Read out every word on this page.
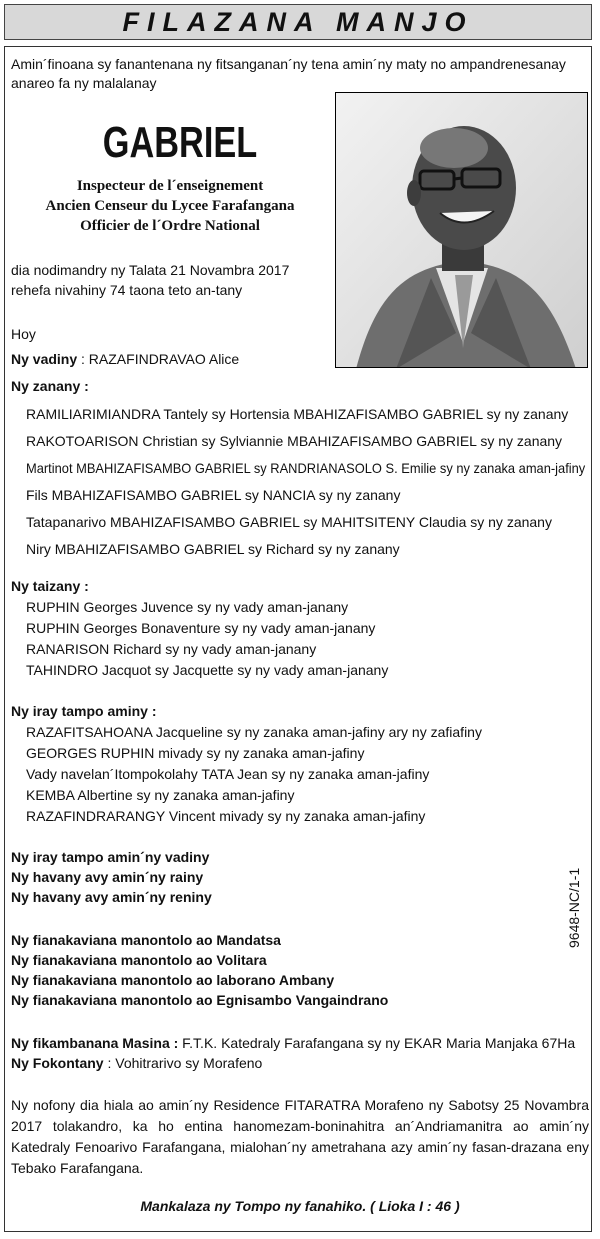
FILAZANA MANJO
Amin´finoana sy fanantenana ny fitsanganan´ny tena amin´ny maty no ampandrenesanay
anareo fa ny malalanay
GABRIEL
Inspecteur de l´enseignement
Ancien Censeur du Lycee Farafangana
Officier de l´Ordre National
dia nodimandry ny Talata 21 Novambra 2017
rehefa nivahiny 74 taona teto an-tany
Hoy
Ny vadiny : RAZAFINDRAVAO Alice
Ny zanany :
RAMILIARIMIANDRA Tantely sy Hortensia MBAHIZAFISAMBO GABRIEL sy ny zanany
RAKOTOARISON Christian sy Sylviannie MBAHIZAFISAMBO GABRIEL sy ny zanany
Martinot MBAHIZAFISAMBO GABRIEL sy RANDRIANASOLO S. Emilie sy ny zanaka aman-jafiny
Fils MBAHIZAFISAMBO GABRIEL sy NANCIA sy ny zanany
Tatapanarivo MBAHIZAFISAMBO GABRIEL sy MAHITSITENY Claudia sy ny zanany
Niry MBAHIZAFISAMBO GABRIEL sy Richard sy ny zanany
Ny taizany :
RUPHIN Georges Juvence sy ny vady aman-janany
RUPHIN Georges Bonaventure sy ny vady aman-janany
RANARISON Richard sy ny vady aman-janany
TAHINDRO Jacquot sy Jacquette sy ny vady aman-janany
Ny iray tampo aminy :
RAZAFITSAHOANA Jacqueline sy ny zanaka aman-jafiny ary ny zafiafiny
GEORGES RUPHIN mivady sy ny zanaka aman-jafiny
Vady navelan´Itompokolahy TATA Jean sy ny zanaka aman-jafiny
KEMBA Albertine sy ny zanaka aman-jafiny
RAZAFINDRARANGY Vincent mivady sy ny zanaka aman-jafiny
Ny iray tampo amin´ny vadiny
Ny havany avy amin´ny rainy
Ny havany avy amin´ny reniny
Ny fianakaviana manontolo ao Mandatsa
Ny fianakaviana manontolo ao Volitara
Ny fianakaviana manontolo ao laborano Ambany
Ny fianakaviana manontolo ao Egnisambo Vangaindrano
Ny fikambanana Masina : F.T.K. Katedraly Farafangana sy ny EKAR Maria Manjaka 67Ha
Ny Fokontany : Vohitrarivo sy Morafeno
Ny nofony dia hiala ao amin´ny Residence FITARATRA Morafeno ny Sabotsy 25 Novambra 2017 tolakandro, ka ho entina hanomezam-boninahitra an´Andriamanitra ao amin´ny Katedraly Fenoarivo Farafangana, mialohan´ny ametrahana azy amin´ny fasan-drazana eny Tebako Farafangana.
Mankalaza ny Tompo ny fanahiko. ( Lioka I : 46 )
9648-NC/1-1
